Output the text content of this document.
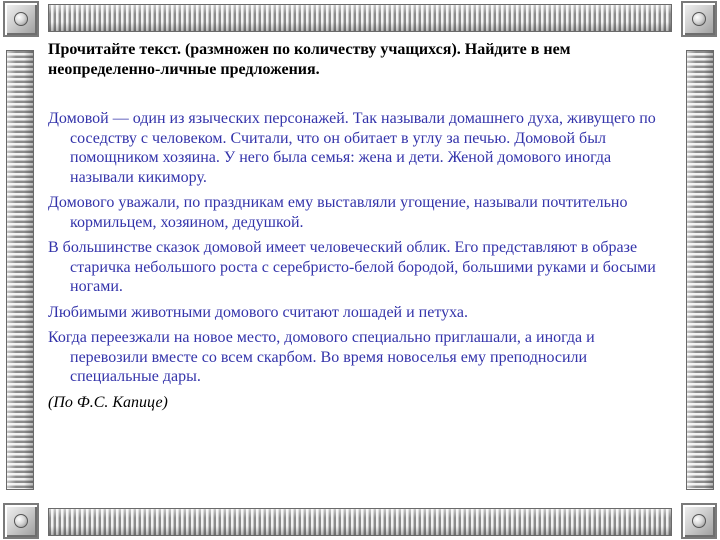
Прочитайте текст. (размножен по количеству учащихся). Найдите в нем неопределенно-личные предложения.

Домовой — один из языческих персонажей. Так называли домашнего духа, живущего по соседству с человеком. Считали, что он обитает в углу за печью. Домовой был помощником хозяина. У него была семья: жена и дети. Женой домового иногда называли кикимору.

Домового уважали, по праздникам ему выставляли угощение, называли почтительно кормильцем, хозяином, дедушкой.

В большинстве сказок домовой имеет человеческий облик. Его представляют в образе старичка небольшого роста с серебристо-белой бородой, большими руками и босыми ногами.

Любимыми животными домового считают лошадей и петуха.

Когда переезжали на новое место, домового специально приглашали, а иногда и перевозили вместе со всем скарбом. Во время новоселья ему преподносили специальные дары.

(По Ф.С. Капице)
